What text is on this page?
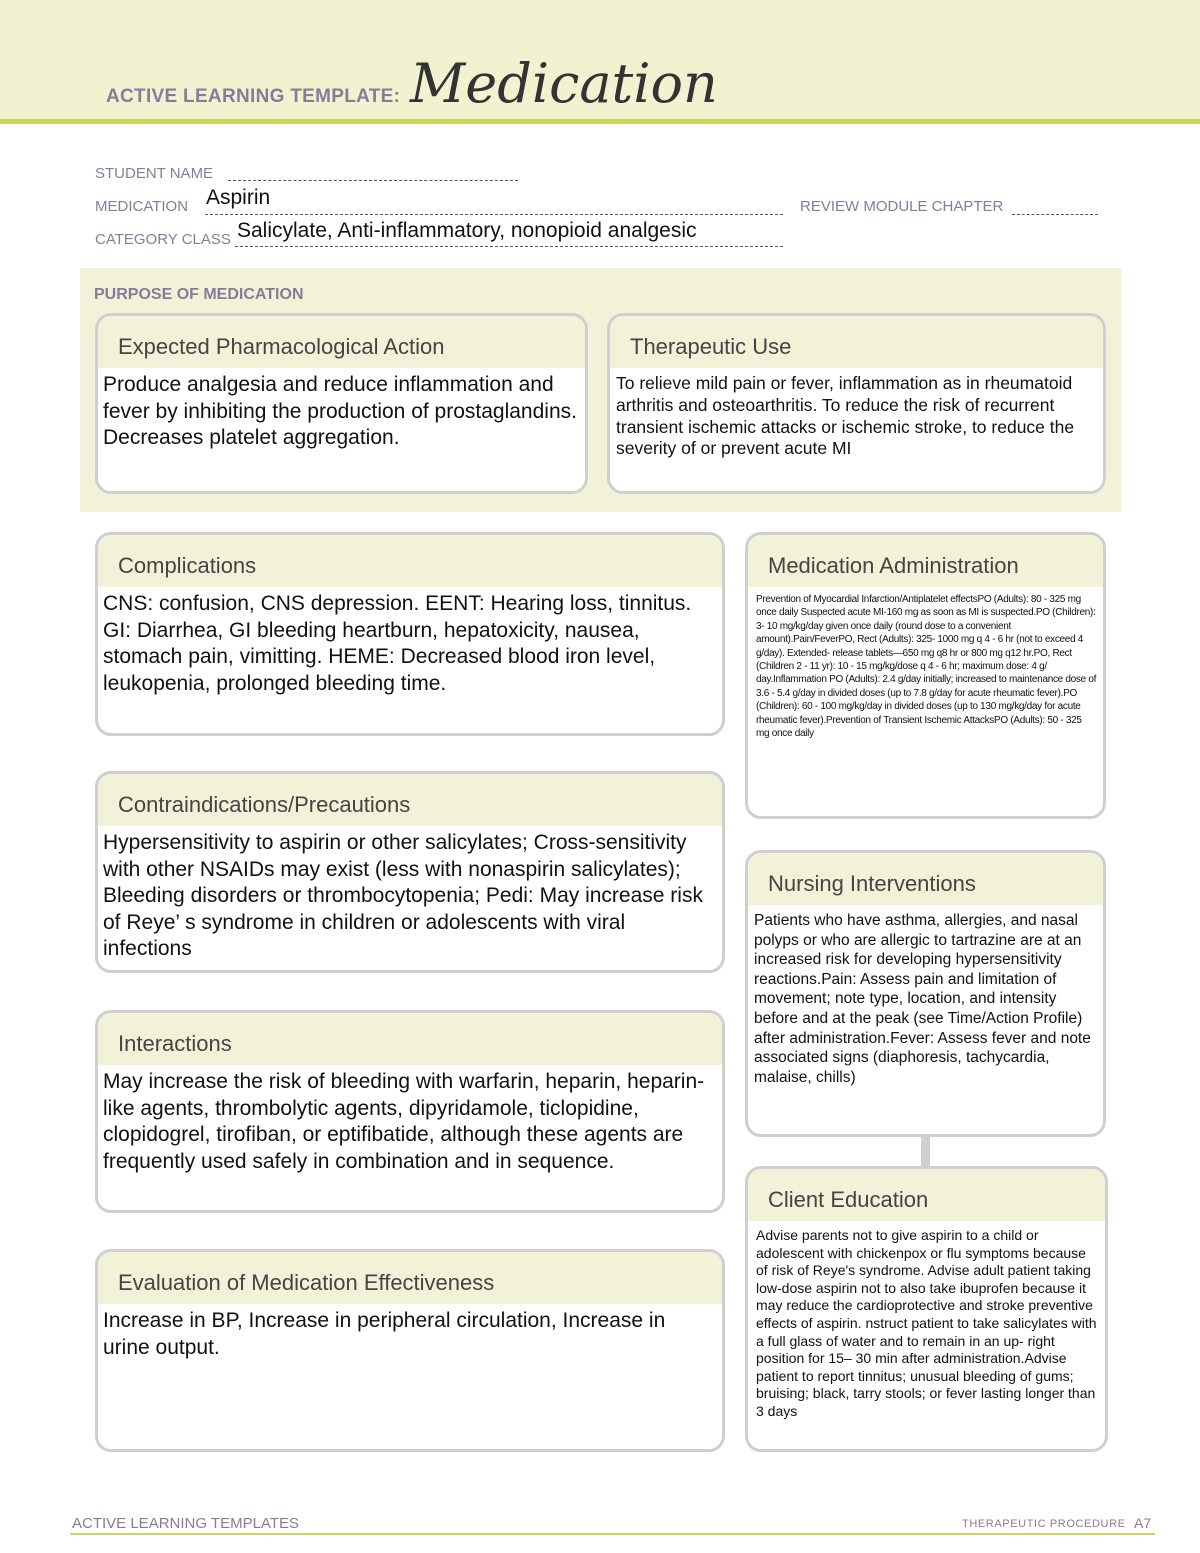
ACTIVE LEARNING TEMPLATE: Medication
STUDENT NAME
MEDICATION Aspirin	REVIEW MODULE CHAPTER
CATEGORY CLASS Salicylate, Anti-inflammatory, nonopioid analgesic
PURPOSE OF MEDICATION
Expected Pharmacological Action
Produce analgesia and reduce inflammation and fever by inhibiting the production of prostaglandins. Decreases platelet aggregation.
Therapeutic Use
To relieve mild pain or fever, inflammation as in rheumatoid arthritis and osteoarthritis. To reduce the risk of recurrent transient ischemic attacks or ischemic stroke, to reduce the severity of or prevent acute MI
Complications
CNS: confusion, CNS depression. EENT: Hearing loss, tinnitus. GI: Diarrhea, GI bleeding heartburn, hepatoxicity, nausea, stomach pain, vimitting. HEME: Decreased blood iron level, leukopenia, prolonged bleeding time.
Medication Administration
Prevention of Myocardial Infarction/Antiplatelet effectsPO (Adults): 80 - 325 mg once daily Suspected acute MI-160 mg as soon as MI is suspected.PO (Children): 3- 10 mg/kg/day given once daily (round dose to a convenient amount).Pain/FeverPO, Rect (Adults): 325- 1000 mg q 4 - 6 hr (not to exceed 4 g/day). Extended- release tablets—650 mg q8 hr or 800 mg q12 hr.PO, Rect (Children 2 - 11 yr): 10 - 15 mg/kg/dose q 4 - 6 hr; maximum dose: 4 g/ day.Inflammation PO (Adults): 2.4 g/day initially; increased to maintenance dose of 3.6 - 5.4 g/day in divided doses (up to 7.8 g/day for acute rheumatic fever).PO (Children): 60 - 100 mg/kg/day in divided doses (up to 130 mg/kg/day for acute rheumatic fever).Prevention of Transient Ischemic AttacksPO (Adults): 50 - 325 mg once daily
Contraindications/Precautions
Hypersensitivity to aspirin or other salicylates; Cross-sensitivity with other NSAIDs may exist (less with nonaspirin salicylates); Bleeding disorders or thrombocytopenia; Pedi: May increase risk of Reye’ s syndrome in children or adolescents with viral infections
Nursing Interventions
Patients who have asthma, allergies, and nasal polyps or who are allergic to tartrazine are at an increased risk for developing hypersensitivity reactions.Pain: Assess pain and limitation of movement; note type, location, and intensity before and at the peak (see Time/Action Profile) after administration.Fever: Assess fever and note associated signs (diaphoresis, tachycardia, malaise, chills)
Interactions
May increase the risk of bleeding with warfarin, heparin, heparin-like agents, thrombolytic agents, dipyridamole, ticlopidine, clopidogrel, tirofiban, or eptifibatide, although these agents are frequently used safely in combination and in sequence.
Client Education
Advise parents not to give aspirin to a child or adolescent with chickenpox or flu symptoms because of risk of Reye's syndrome. Advise adult patient taking low-dose aspirin not to also take ibuprofen because it may reduce the cardioprotective and stroke preventive effects of aspirin. nstruct patient to take salicylates with a full glass of water and to remain in an up- right position for 15– 30 min after administration.Advise patient to report tinnitus; unusual bleeding of gums; bruising; black, tarry stools; or fever lasting longer than 3 days
Evaluation of Medication Effectiveness
Increase in BP, Increase in peripheral circulation, Increase in urine output.
ACTIVE LEARNING TEMPLATES	THERAPEUTIC PROCEDURE A7
